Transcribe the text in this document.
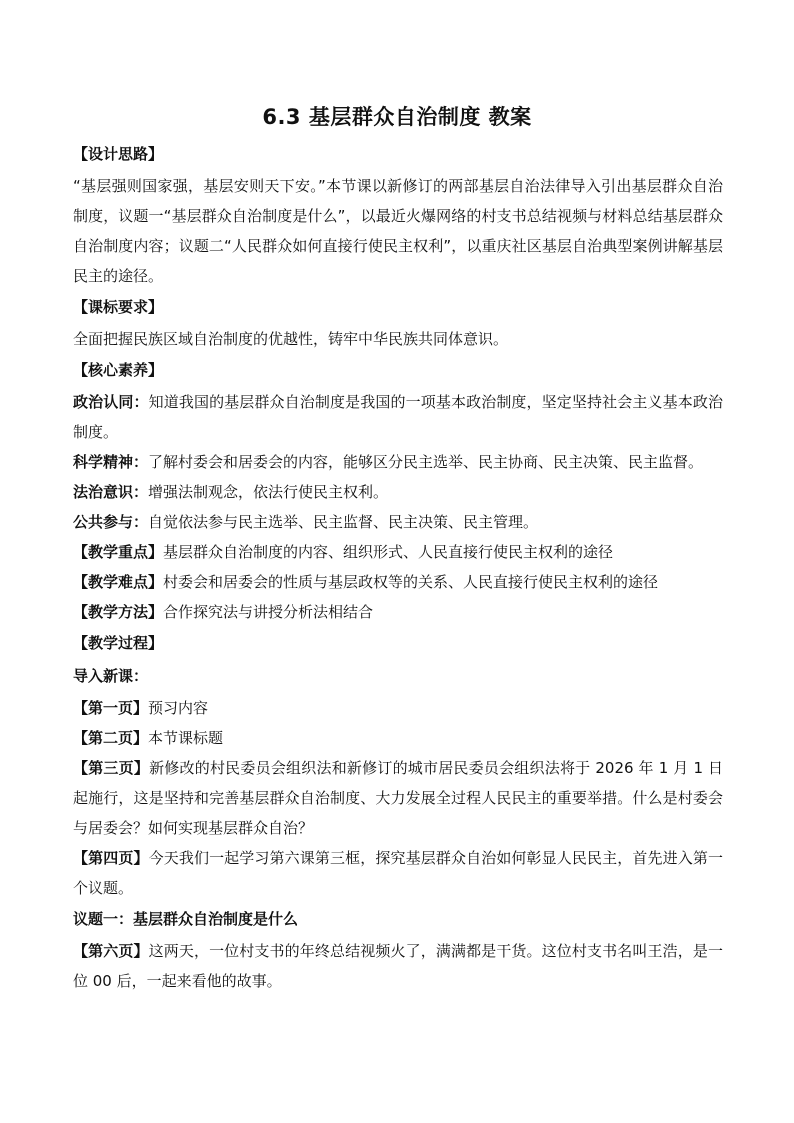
6.3 基层群众自治制度 教案

【设计思路】

“基层强则国家强，基层安则天下安。”本节课以新修订的两部基层自治法律导入引出基层群众自治制度，议题一“基层群众自治制度是什么”，以最近火爆网络的村支书总结视频与材料总结基层群众自治制度内容；议题二“人民群众如何直接行使民主权利”，以重庆社区基层自治典型案例讲解基层民主的途径。

【课标要求】

全面把握民族区域自治制度的优越性，铸牢中华民族共同体意识。

【核心素养】

政治认同：知道我国的基层群众自治制度是我国的一项基本政治制度，坚定坚持社会主义基本政治制度。

科学精神：了解村委会和居委会的内容，能够区分民主选举、民主协商、民主决策、民主监督。

法治意识：增强法制观念，依法行使民主权利。

公共参与：自觉依法参与民主选举、民主监督、民主决策、民主管理。

【教学重点】基层群众自治制度的内容、组织形式、人民直接行使民主权利的途径

【教学难点】村委会和居委会的性质与基层政权等的关系、人民直接行使民主权利的途径

【教学方法】合作探究法与讲授分析法相结合

【教学过程】

导入新课：

【第一页】预习内容

【第二页】本节课标题

【第三页】新修改的村民委员会组织法和新修订的城市居民委员会组织法将于 2026 年 1 月 1 日起施行，这是坚持和完善基层群众自治制度、大力发展全过程人民民主的重要举措。什么是村委会与居委会？如何实现基层群众自治？

【第四页】今天我们一起学习第六课第三框，探究基层群众自治如何彰显人民民主，首先进入第一个议题。

议题一：基层群众自治制度是什么

【第六页】这两天，一位村支书的年终总结视频火了，满满都是干货。这位村支书名叫王浩，是一位 00 后，一起来看他的故事。
